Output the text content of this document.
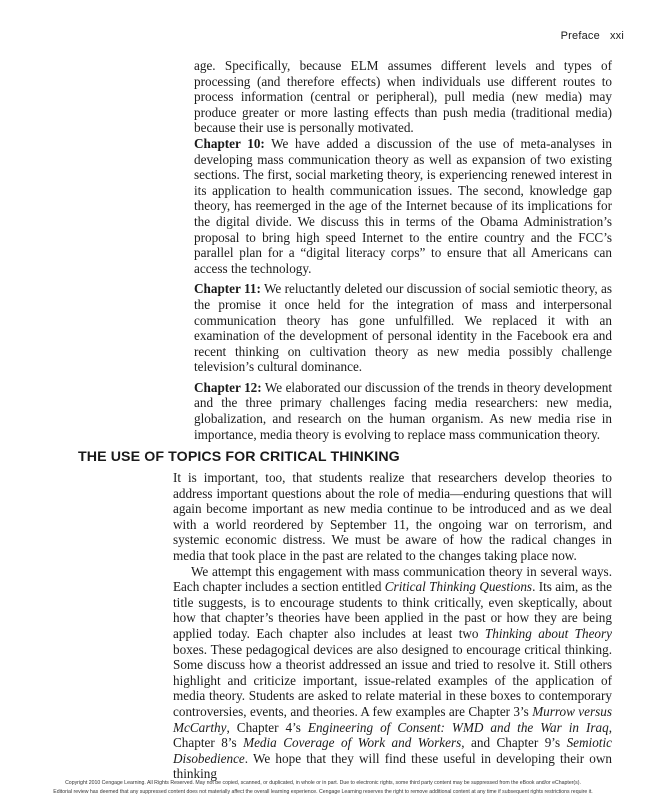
Preface xxi

age. Specifically, because ELM assumes different levels and types of processing (and therefore effects) when individuals use different routes to process information (central or peripheral), pull media (new media) may produce greater or more lasting effects than push media (traditional media) because their use is personally motivated.

Chapter 10: We have added a discussion of the use of meta-analyses in developing mass communication theory as well as expansion of two existing sections. The first, social marketing theory, is experiencing renewed interest in its application to health communication issues. The second, knowledge gap theory, has reemerged in the age of the Internet because of its implications for the digital divide. We discuss this in terms of the Obama Administration’s proposal to bring high speed Internet to the entire country and the FCC’s parallel plan for a “digital literacy corps” to ensure that all Americans can access the technology.

Chapter 11: We reluctantly deleted our discussion of social semiotic theory, as the promise it once held for the integration of mass and interpersonal communication theory has gone unfulfilled. We replaced it with an examination of the development of personal identity in the Facebook era and recent thinking on cultivation theory as new media possibly challenge television’s cultural dominance.

Chapter 12: We elaborated our discussion of the trends in theory development and the three primary challenges facing media researchers: new media, globalization, and research on the human organism. As new media rise in importance, media theory is evolving to replace mass communication theory.

THE USE OF TOPICS FOR CRITICAL THINKING

It is important, too, that students realize that researchers develop theories to address important questions about the role of media—enduring questions that will again become important as new media continue to be introduced and as we deal with a world reordered by September 11, the ongoing war on terrorism, and systemic economic distress. We must be aware of how the radical changes in media that took place in the past are related to the changes taking place now.

We attempt this engagement with mass communication theory in several ways. Each chapter includes a section entitled Critical Thinking Questions. Its aim, as the title suggests, is to encourage students to think critically, even skeptically, about how that chapter’s theories have been applied in the past or how they are being applied today. Each chapter also includes at least two Thinking about Theory boxes. These pedagogical devices are also designed to encourage critical thinking. Some discuss how a theorist addressed an issue and tried to resolve it. Still others highlight and criticize important, issue-related examples of the application of media theory. Students are asked to relate material in these boxes to contemporary controversies, events, and theories. A few examples are Chapter 3’s Murrow versus McCarthy, Chapter 4’s Engineering of Consent: WMD and the War in Iraq, Chapter 8’s Media Coverage of Work and Workers, and Chapter 9’s Semiotic Disobedience. We hope that they will find these useful in developing their own thinking

Copyright 2010 Cengage Learning. All Rights Reserved. May not be copied, scanned, or duplicated, in whole or in part. Due to electronic rights, some third party content may be suppressed from the eBook and/or eChapter(s).
Editorial review has deemed that any suppressed content does not materially affect the overall learning experience. Cengage Learning reserves the right to remove additional content at any time if subsequent rights restrictions require it.
